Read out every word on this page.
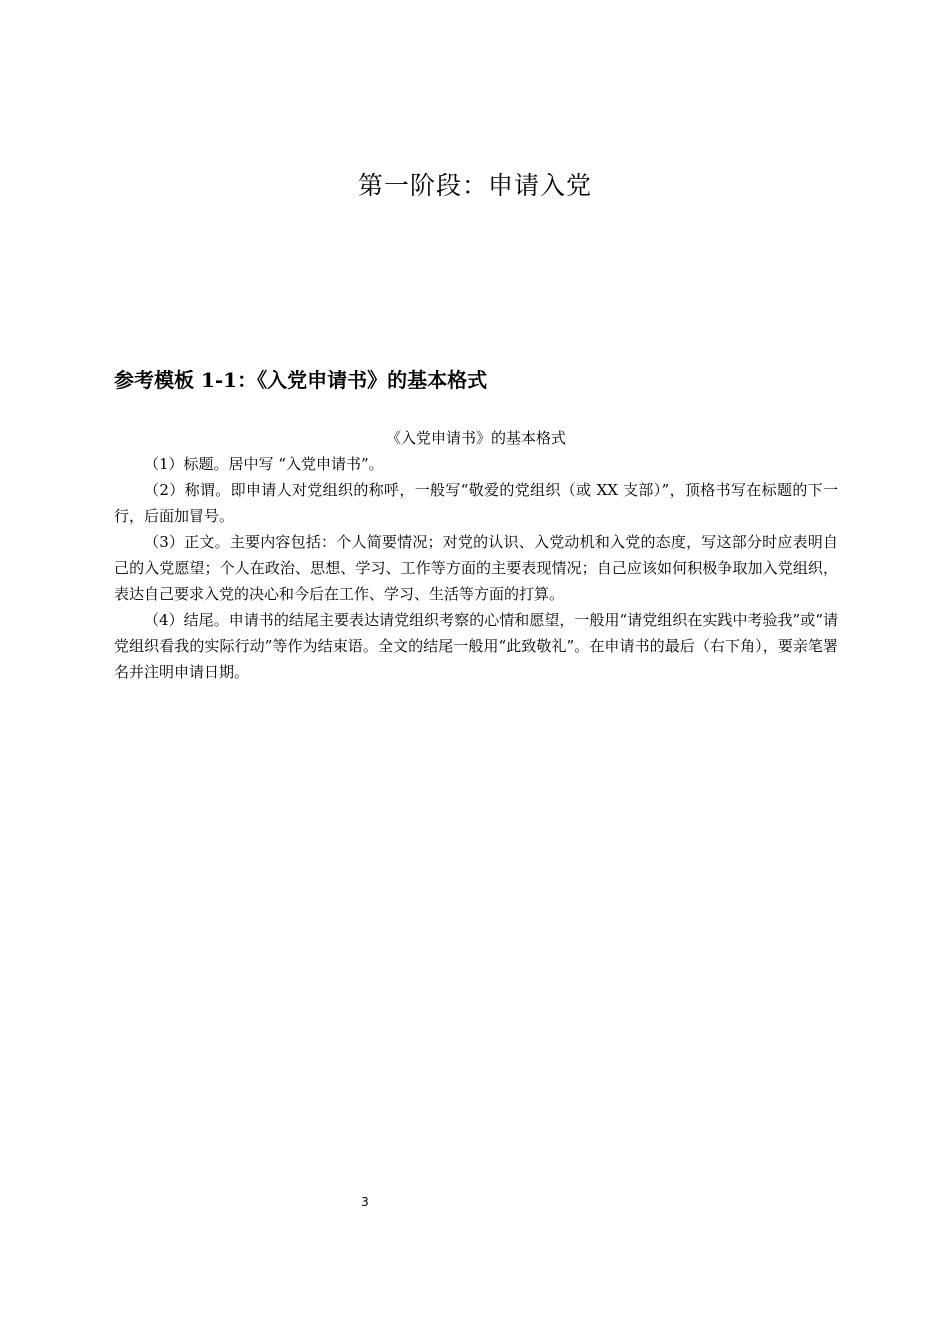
第一阶段：申请入党
参考模板 1-1：《入党申请书》的基本格式

《入党申请书》的基本格式

（1）标题。居中写 “入党申请书”。

（2）称谓。即申请人对党组织的称呼，一般写“敬爱的党组织（或 XX 支部）”，顶格书写在标题的下一行，后面加冒号。

（3）正文。主要内容包括：个人简要情况；对党的认识、入党动机和入党的态度，写这部分时应表明自己的入党愿望；个人在政治、思想、学习、工作等方面的主要表现情况；自己应该如何积极争取加入党组织，表达自己要求入党的决心和今后在工作、学习、生活等方面的打算。

（4）结尾。申请书的结尾主要表达请党组织考察的心情和愿望，一般用“请党组织在实践中考验我”或“请党组织看我的实际行动”等作为结束语。全文的结尾一般用“此致敬礼”。在申请书的最后（右下角），要亲笔署名并注明申请日期。

3
